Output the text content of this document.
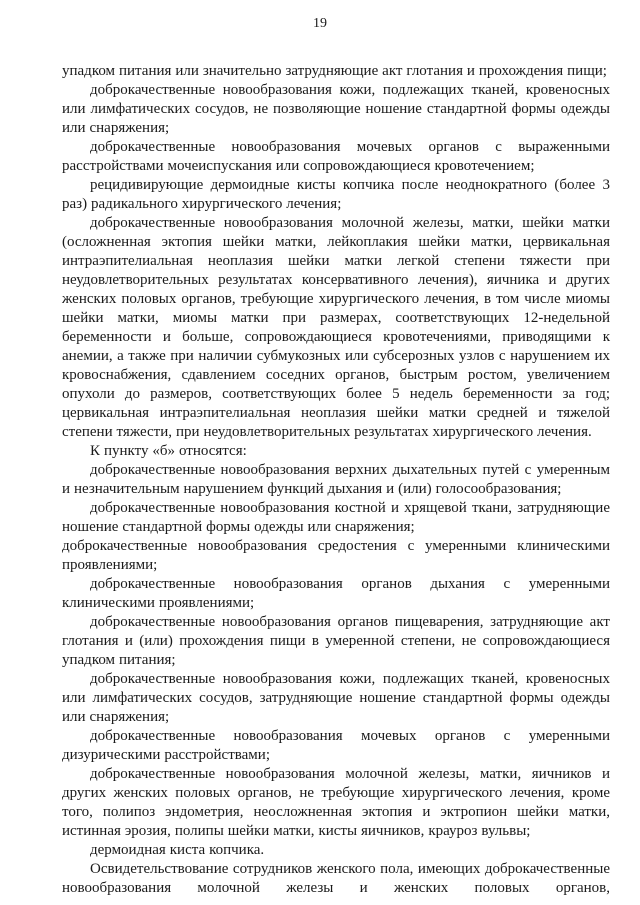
19

упадком питания или значительно затрудняющие акт глотания и прохождения пищи;

доброкачественные новообразования кожи, подлежащих тканей, кровеносных или лимфатических сосудов, не позволяющие ношение стандартной формы одежды или снаряжения;

доброкачественные новообразования мочевых органов с выраженными расстройствами мочеиспускания или сопровождающиеся кровотечением;

рецидивирующие дермоидные кисты копчика после неоднократного (более 3 раз) радикального хирургического лечения;

доброкачественные новообразования молочной железы, матки, шейки матки (осложненная эктопия шейки матки, лейкоплакия шейки матки, цервикальная интраэпителиальная неоплазия шейки матки легкой степени тяжести при неудовлетворительных результатах консервативного лечения), яичника и других женских половых органов, требующие хирургического лечения, в том числе миомы шейки матки, миомы матки при размерах, соответствующих 12-недельной беременности и больше, сопровождающиеся кровотечениями, приводящими к анемии, а также при наличии субмукозных или субсерозных узлов с нарушением их кровоснабжения, сдавлением соседних органов, быстрым ростом, увеличением опухоли до размеров, соответствующих более 5 недель беременности за год; цервикальная интраэпителиальная неоплазия шейки матки средней и тяжелой степени тяжести, при неудовлетворительных результатах хирургического лечения.

К пункту «б» относятся:

доброкачественные новообразования верхних дыхательных путей с умеренным и незначительным нарушением функций дыхания и (или) голосообразования;

доброкачественные новообразования костной и хрящевой ткани, затрудняющие ношение стандартной формы одежды или снаряжения;

доброкачественные новообразования средостения с умеренными клиническими проявлениями;

доброкачественные новообразования органов дыхания с умеренными клиническими проявлениями;

доброкачественные новообразования органов пищеварения, затрудняющие акт глотания и (или) прохождения пищи в умеренной степени, не сопровождающиеся упадком питания;

доброкачественные новообразования кожи, подлежащих тканей, кровеносных или лимфатических сосудов, затрудняющие ношение стандартной формы одежды или снаряжения;

доброкачественные новообразования мочевых органов с умеренными дизурическими расстройствами;

доброкачественные новообразования молочной железы, матки, яичников и других женских половых органов, не требующие хирургического лечения, кроме того, полипоз эндометрия, неосложненная эктопия и эктропион шейки матки, истинная эрозия, полипы шейки матки, кисты яичников, крауроз вульвы;

дермоидная киста копчика.

Освидетельствование сотрудников женского пола, имеющих доброкачественные новообразования молочной железы и женских половых органов,
